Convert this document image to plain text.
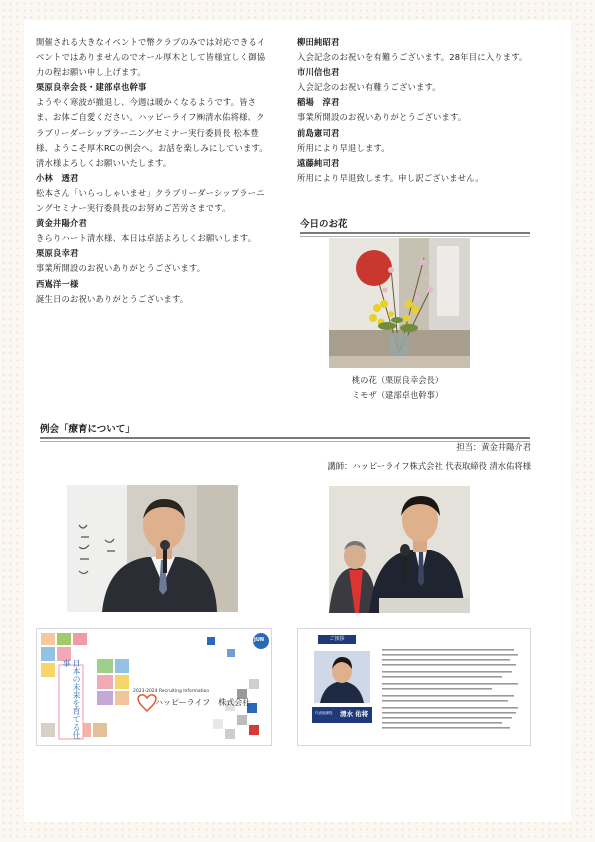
開催される大きなイベントで幣クラブのみでは対応できるイベントではありませんのでオール厚木として皆様宜しく御協力の程お願い申し上げます。

栗原良幸会長・建部卓也幹事

ようやく寒波が撤退し、今週は暖かくなるようです。皆さま、お体ご自愛ください。ハッピーライフ㈱清水佑将様、クラブリーダーシップラーニングセミナー実行委員長 松本豊様、ようこそ厚木RCの例会へ。お話を楽しみにしています。清水様よろしくお願いいたします。

小林　透君

松本さん「いらっしゃいませ」クラブリーダーシップラーニングセミナー実行委員長のお努めご苦労さまです。

黄金井陽介君

きらりハート清水様、本日は卓話よろしくお願いします。

栗原良幸君

事業所開設のお祝いありがとうございます。

西嶌洋一様

誕生日のお祝いありがとうございます。

柳田純昭君

入会記念のお祝いを有難うございます。28年目に入ります。

市川信也君

入会記念のお祝い有難うございます。

稲場　淳君

事業所開設のお祝いありがとうございます。

前島憲司君

所用により早退します。

遠藤純司君

所用により早退致します。申し訳ございません。

今日のお花
桃の花（栗原良幸会長）
ミモザ（建部卓也幹事）
例会「療育について」
担当：黄金井陽介君
講師：ハッピーライフ株式会社 代表取締役 清水佑将様
日本の未来を育てる仕事
2023-2024 Recruiting Information
ハッピーライフ　株式会社
JUN	ご挨拶
代表取締役 清水 佑将
